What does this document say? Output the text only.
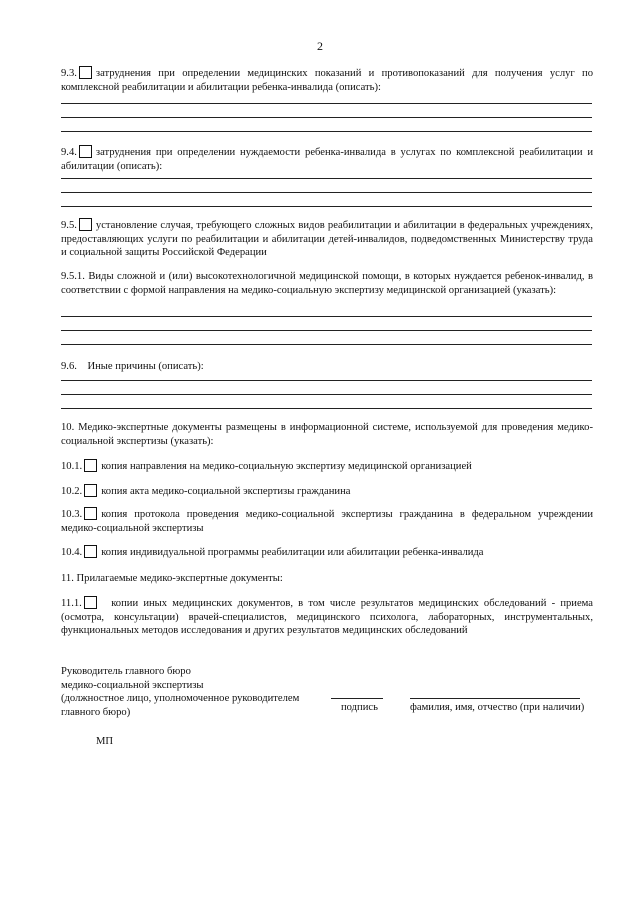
2

9.3. затруднения при определении медицинских показаний и противопоказаний для получения услуг по комплексной реабилитации и абилитации ребенка-инвалида (описать):

9.4. затруднения при определении нуждаемости ребенка-инвалида в услугах по комплексной реабилитации и абилитации (описать):

9.5. установление случая, требующего сложных видов реабилитации и абилитации в федеральных учреждениях, предоставляющих услуги по реабилитации и абилитации детей-инвалидов, подведомственных Министерству труда и социальной защиты Российской Федерации

9.5.1. Виды сложной и (или) высокотехнологичной медицинской помощи, в которых нуждается ребенок-инвалид, в соответствии с формой направления на медико-социальную экспертизу медицинской организацией (указать):

9.6. Иные причины (описать):

10. Медико-экспертные документы размещены в информационной системе, используемой для проведения медико-социальной экспертизы (указать):

10.1. копия направления на медико-социальную экспертизу медицинской организацией

10.2. копия акта медико-социальной экспертизы гражданина

10.3. копия протокола проведения медико-социальной экспертизы гражданина в федеральном учреждении медико-социальной экспертизы

10.4. копия индивидуальной программы реабилитации или абилитации ребенка-инвалида

11. Прилагаемые медико-экспертные документы:

11.1.	копии иных медицинских документов, в том числе результатов медицинских обследований - приема (осмотра, консультации) врачей-специалистов, медицинского психолога, лабораторных, инструментальных, функциональных методов исследования и других результатов медицинских обследований

Руководитель главного бюро
медико-социальной экспертизы
(должностное лицо, уполномоченное руководителем
главного бюро)	подпись	фамилия, имя, отчество (при наличии)
МП
